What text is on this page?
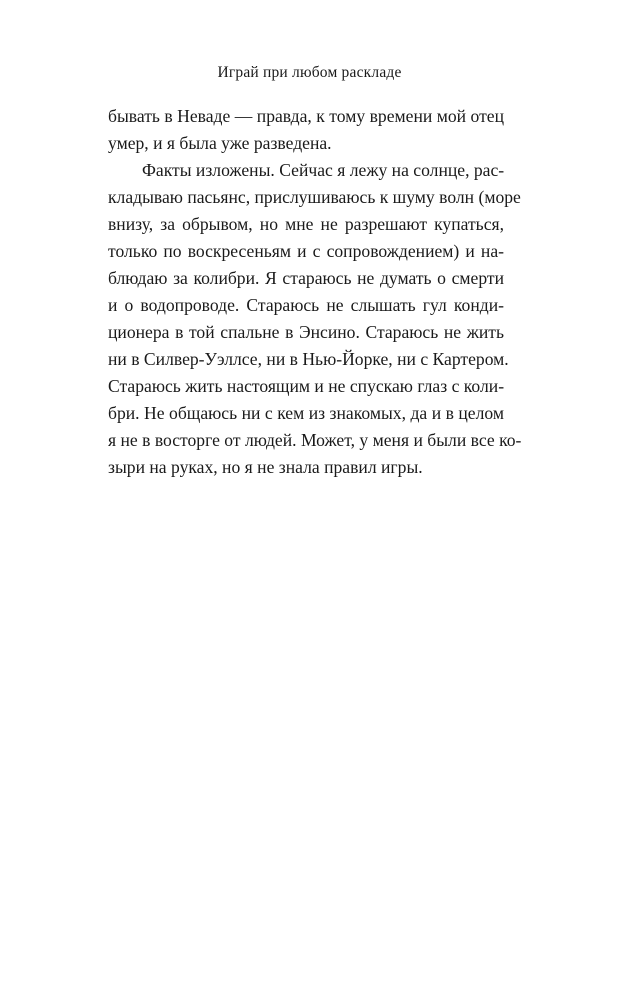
Играй при любом раскладе
бывать в Неваде — правда, к тому времени мой отец
умер, и я была уже разведена.
Факты изложены. Сейчас я лежу на солнце, рас-
кладываю пасьянс, прислушиваюсь к шуму волн (море
внизу, за обрывом, но мне не разрешают купаться,
только по воскресеньям и с сопровождением) и на-
блюдаю за колибри. Я стараюсь не думать о смерти
и о водопроводе. Стараюсь не слышать гул конди-
ционера в той спальне в Энсино. Стараюсь не жить
ни в Силвер-Уэллсе, ни в Нью-Йорке, ни с Картером.
Стараюсь жить настоящим и не спускаю глаз с коли-
бри. Не общаюсь ни с кем из знакомых, да и в целом
я не в восторге от людей. Может, у меня и были все ко-
зыри на руках, но я не знала правил игры.
